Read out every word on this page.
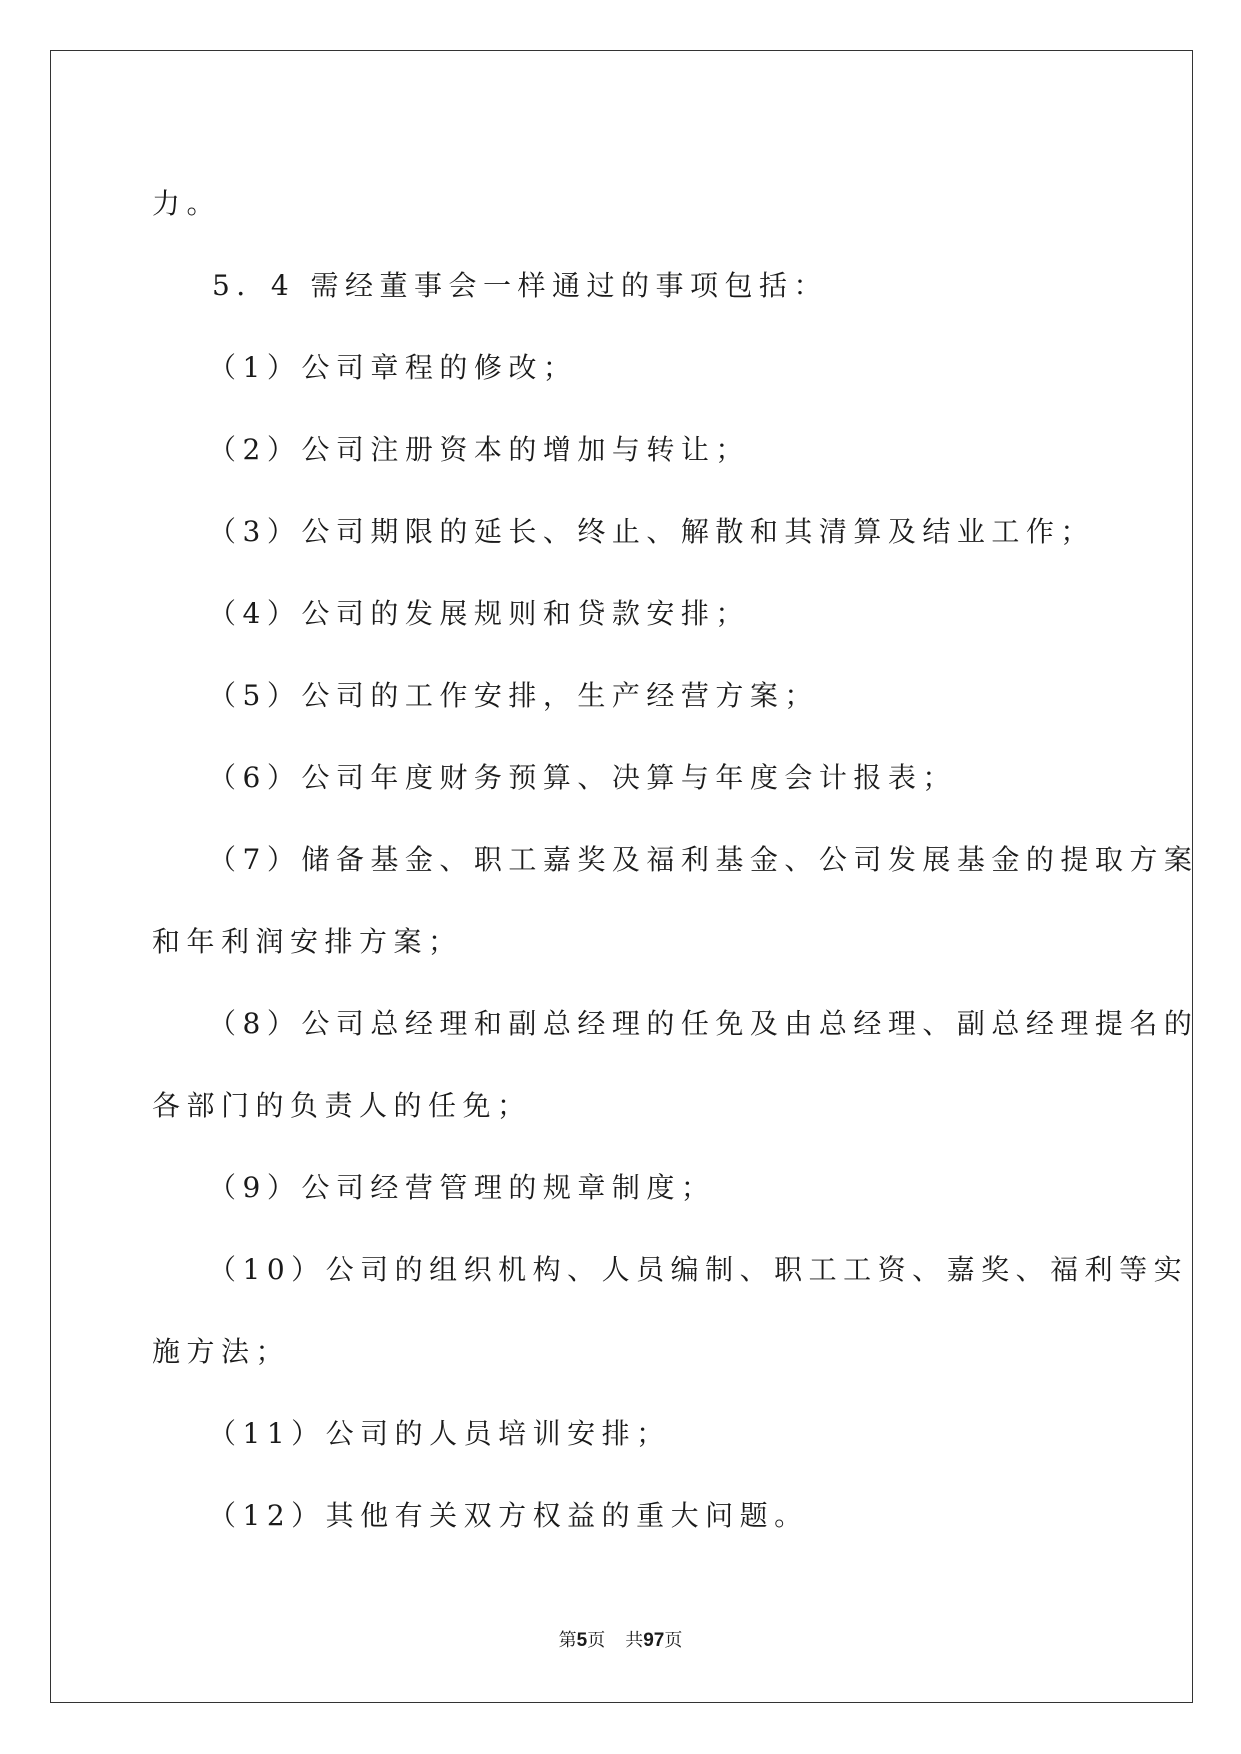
力。
5．4 需经董事会一样通过的事项包括：
（1）公司章程的修改；
（2）公司注册资本的增加与转让；
（3）公司期限的延长、终止、解散和其清算及结业工作；
（4）公司的发展规则和贷款安排；
（5）公司的工作安排，生产经营方案；
（6）公司年度财务预算、决算与年度会计报表；
（7）储备基金、职工嘉奖及福利基金、公司发展基金的提取方案
和年利润安排方案；
（8）公司总经理和副总经理的任免及由总经理、副总经理提名的
各部门的负责人的任免；
（9）公司经营管理的规章制度；
（10）公司的组织机构、人员编制、职工工资、嘉奖、福利等实
施方法；
（11）公司的人员培训安排；
（12）其他有关双方权益的重大问题。
第5页 共97页
